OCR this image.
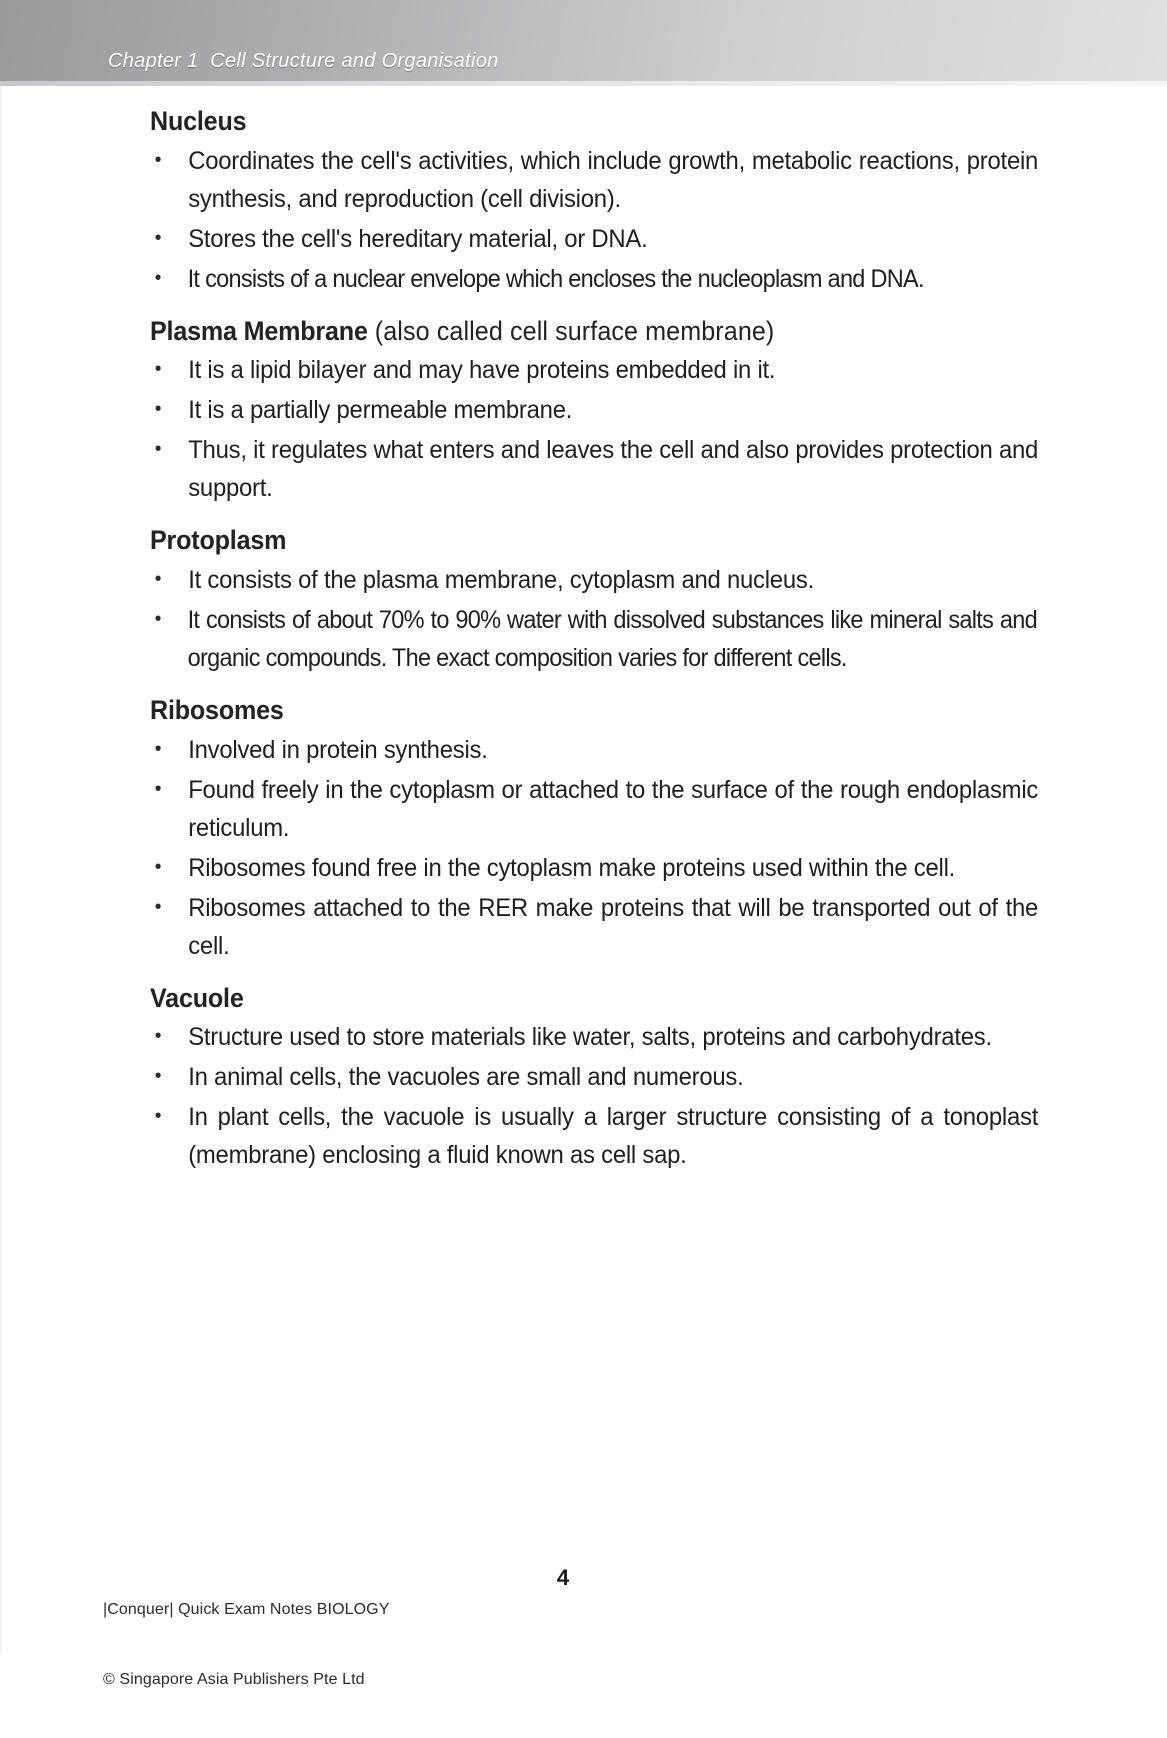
Chapter 1  Cell Structure and Organisation
Nucleus
• Coordinates the cell's activities, which include growth, metabolic reactions, protein synthesis, and reproduction (cell division).
• Stores the cell's hereditary material, or DNA.
• It consists of a nuclear envelope which encloses the nucleoplasm and DNA.
Plasma Membrane (also called cell surface membrane)
• It is a lipid bilayer and may have proteins embedded in it.
• It is a partially permeable membrane.
• Thus, it regulates what enters and leaves the cell and also provides protection and support.
Protoplasm
• It consists of the plasma membrane, cytoplasm and nucleus.
• It consists of about 70% to 90% water with dissolved substances like mineral salts and organic compounds. The exact composition varies for different cells.
Ribosomes
• Involved in protein synthesis.
• Found freely in the cytoplasm or attached to the surface of the rough endoplasmic reticulum.
• Ribosomes found free in the cytoplasm make proteins used within the cell.
• Ribosomes attached to the RER make proteins that will be transported out of the cell.
Vacuole
• Structure used to store materials like water, salts, proteins and carbohydrates.
• In animal cells, the vacuoles are small and numerous.
• In plant cells, the vacuole is usually a larger structure consisting of a tonoplast (membrane) enclosing a fluid known as cell sap.

|Conquer| Quick Exam Notes BIOLOGY

© Singapore Asia Publishers Pte Ltd

4
